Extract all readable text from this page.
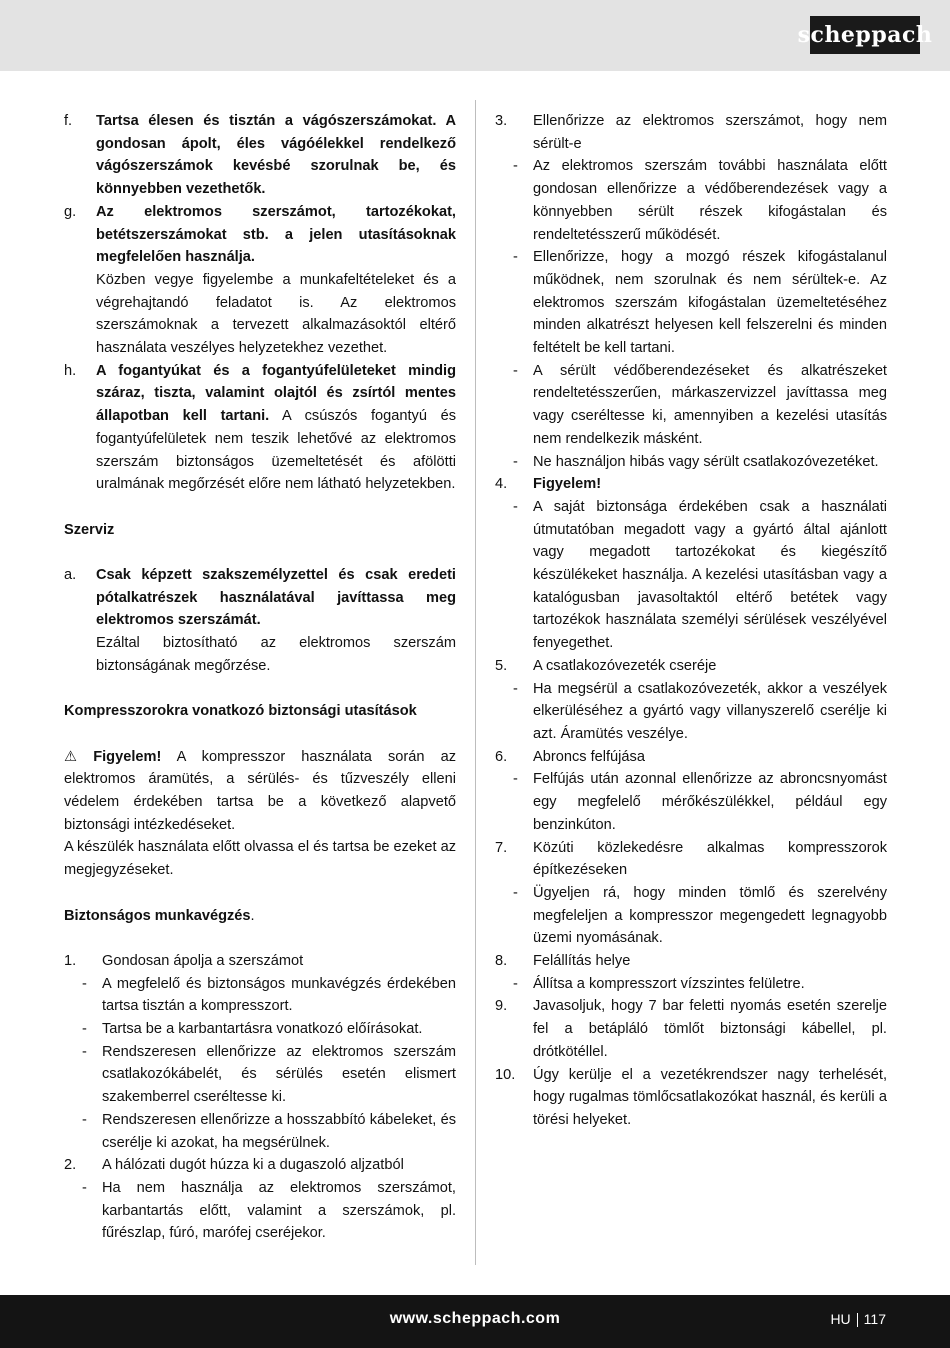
scheppach
f.	Tartsa élesen és tisztán a vágószerszámokat. A gondosan ápolt, éles vágóélekkel rendelkező vágószerszámok kevésbé szorulnak be, és könnyebben vezethetők.
g.	Az elektromos szerszámot, tartozékokat, betétszerszámokat stb. a jelen utasításoknak megfelelően használja.
Közben vegye figyelembe a munkafeltételeket és a végrehajtandó feladatot is. Az elektromos szerszámoknak a tervezett alkalmazásoktól eltérő használata veszélyes helyzetekhez vezethet.
h.	A fogantyúkat és a fogantyúfelületeket mindig száraz, tiszta, valamint olajtól és zsírtól mentes állapotban kell tartani. A csúszós fogantyú és fogantyúfelületek nem teszik lehetővé az elektromos szerszám biztonságos üzemeltetését és afölötti uralmának megőrzését előre nem látható helyzetekben.
Szerviz
a.	Csak képzett szakszemélyzettel és csak eredeti pótalkatrészek használatával javíttassa meg elektromos szerszámát.
Ezáltal biztosítható az elektromos szerszám biztonságának megőrzése.
Kompresszorokra vonatkozó biztonsági utasítások

⚠ Figyelem! A kompresszor használata során az elektromos áramütés, a sérülés- és tűzveszély elleni védelem érdekében tartsa be a következő alapvető biztonsági intézkedéseket.

A készülék használata előtt olvassa el és tartsa be ezeket az megjegyzéseket.

Biztonságos munkavégzés.
1.	Gondosan ápolja a szerszámot
-	A megfelelő és biztonságos munkavégzés érdekében tartsa tisztán a kompresszort.
-	Tartsa be a karbantartásra vonatkozó előírásokat.
-	Rendszeresen ellenőrizze az elektromos szerszám csatlakozókábelét, és sérülés esetén elismert szakemberrel cseréltesse ki.
-	Rendszeresen ellenőrizze a hosszabbító kábeleket, és cserélje ki azokat, ha megsérülnek.
2.	A hálózati dugót húzza ki a dugaszoló aljzatból
-	Ha nem használja az elektromos szerszámot, karbantartás előtt, valamint a szerszámok, pl. fűrészlap, fúró, marófej cseréjekor.
3.	Ellenőrizze az elektromos szerszámot, hogy nem sérült-e
-	Az elektromos szerszám további használata előtt gondosan ellenőrizze a védőberendezések vagy a könnyebben sérült részek kifogástalan és rendeltetésszerű működését.
-	Ellenőrizze, hogy a mozgó részek kifogástalanul működnek, nem szorulnak és nem sérültek-e. Az elektromos szerszám kifogástalan üzemeltetéséhez minden alkatrészt helyesen kell felszerelni és minden feltételt be kell tartani.
-	A sérült védőberendezéseket és alkatrészeket rendeltetésszerűen, márkaszervizzel javíttassa meg vagy cseréltesse ki, amennyiben a kezelési utasítás nem rendelkezik másként.
-	Ne használjon hibás vagy sérült csatlakozóvezetéket.
4.	Figyelem!
-	A saját biztonsága érdekében csak a használati útmutatóban megadott vagy a gyártó által ajánlott vagy megadott tartozékokat és kiegészítő készülékeket használja. A kezelési utasításban vagy a katalógusban javasoltaktól eltérő betétek vagy tartozékok használata személyi sérülések veszélyével fenyegethet.
5.	A csatlakozóvezeték cseréje
-	Ha megsérül a csatlakozóvezeték, akkor a veszélyek elkerüléséhez a gyártó vagy villanyszerelő cserélje ki azt. Áramütés veszélye.
6.	Abroncs felfújása
-	Felfújás után azonnal ellenőrizze az abroncsnyomást egy megfelelő mérőkészülékkel, például egy benzinkúton.
7.	Közúti közlekedésre alkalmas kompresszorok építkezéseken
-	Ügyeljen rá, hogy minden tömlő és szerelvény megfeleljen a kompresszor megengedett legnagyobb üzemi nyomásának.
8.	Felállítás helye
-	Állítsa a kompresszort vízszintes felületre.
9.	Javasoljuk, hogy 7 bar feletti nyomás esetén szerelje fel a betápláló tömlőt biztonsági kábellel, pl. drótkötéllel.
10.	Úgy kerülje el a vezetékrendszer nagy terhelését, hogy rugalmas tömlőcsatlakozókat használ, és kerüli a törési helyeket.
www.scheppach.com	HU 117
